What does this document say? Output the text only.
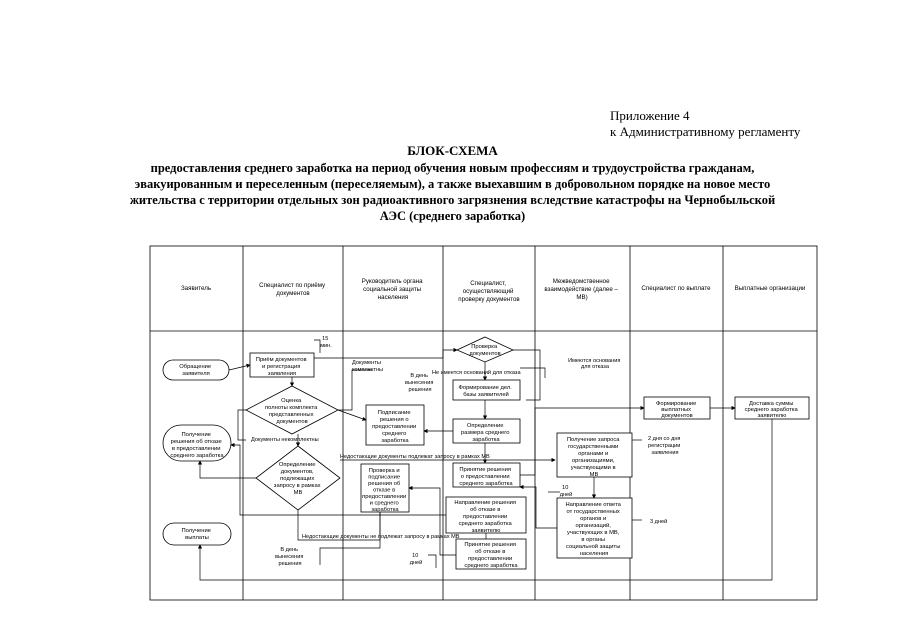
Приложение 4
к Административному регламенту
БЛОК-СХЕМА
предоставления среднего заработка на период обучения новым профессиям и трудоустройства гражданам,
эвакуированным и переселенным (переселяемым), а также выехавшим в добровольном порядке на новое место
жительства с территории отдельных зон радиоактивного загрязнения вследствие катастрофы на Чернобыльской
АЭС (среднего заработка)
Заявитель	Специалист по приёму документов
Руководитель органа социальной защиты населения
Специалист, осуществляющий проверку документов
Межведомственное взаимодействие (далее – МВ)
Специалист по выплате	Выплатные организации
Обращение заявителя
Получение решения об отказе в предоставлении среднего заработка
Получение выплаты
Приём документов и регистрация заявления
Оценка полноты комплекта представленных документов
Определение документов, подлежащих запросу в рамках МВ
Подписание решения о предоставлении среднего заработка
Проверка и подписание решения об отказе в предоставлении и среднего заработка
Проверка документов
Формирование дел. базы заявителей
Определение размера среднего заработка
Принятие решения о предоставлении среднего заработка
Направление решения об отказе в предоставлении среднего заработка заявителю
Принятие решения об отказе в предоставлении среднего заработка
Получение запроса государственными органами и организациями, участвующими в МВ
Направление ответа от государственных органов и организаций, участвующих в МВ, в органы социальной защиты населения
Формирование выплатных документов
Доставка суммы среднего заработка заявителю
15 мин.
Документы комплектны
В день вынесения решения
Не имеется оснований для отказа
Имеются основания для отказа
Документы некомплектны
Недостающие документы подлежат запросу в рамках МВ
Недостающие документы не подлежат запросу в рамках МВ
10 дней
2 дня со дня регистрации заявления
3 дней
В день вынесения решения
10 дней
